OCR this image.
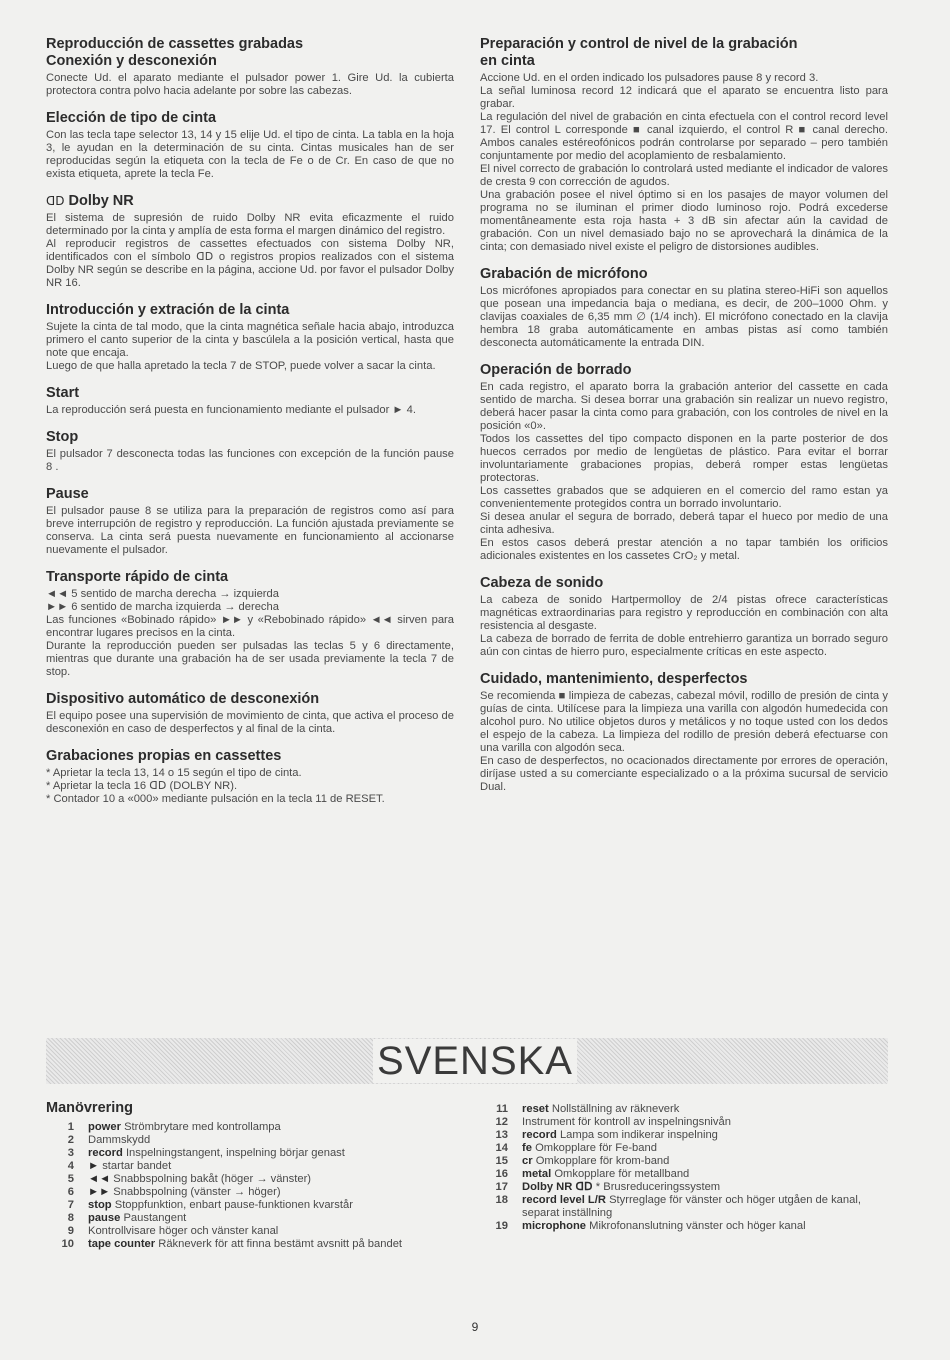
Reproducción de cassettes grabadas
Conexión y desconexión

Conecte Ud. el aparato mediante el pulsador power 1. Gire Ud. la cubierta protectora contra polvo hacia adelante por sobre las cabezas.

Elección de tipo de cinta

Con las tecla tape selector 13, 14 y 15 elije Ud. el tipo de cinta. La tabla en la hoja 3, le ayudan en la determinación de su cinta. Cintas musicales han de ser reproducidas según la etiqueta con la tecla de Fe o de Cr. En caso de que no exista etiqueta, aprete la tecla Fe.

ᗡᗞ Dolby NR

El sistema de supresión de ruido Dolby NR evita eficazmente el ruido determinado por la cinta y amplía de esta forma el margen dinámico del registro.

Al reproducir registros de cassettes efectuados con sistema Dolby NR, identificados con el símbolo ᗡᗞ o registros propios realizados con el sistema Dolby NR según se describe en la página, accione Ud. por favor el pulsador Dolby NR 16.

Introducción y extración de la cinta

Sujete la cinta de tal modo, que la cinta magnética señale hacia abajo, introduzca primero el canto superior de la cinta y bascúlela a la posición vertical, hasta que note que encaja.

Luego de que halla apretado la tecla 7 de STOP, puede volver a sacar la cinta.

Start

La reproducción será puesta en funcionamiento mediante el pulsador ► 4.

Stop

El pulsador 7 desconecta todas las funciones con excepción de la función pause 8 .

Pause

El pulsador pause 8 se utiliza para la preparación de registros como así para breve interrupción de registro y reproducción. La función ajustada previamente se conserva. La cinta será puesta nuevamente en funcionamiento al accionarse nuevamente el pulsador.

Transporte rápido de cinta

◄◄ 5 sentido de marcha derecha → izquierda

►► 6 sentido de marcha izquierda → derecha

Las funciones «Bobinado rápido» ►► y «Rebobinado rápido» ◄◄ sirven para encontrar lugares precisos en la cinta.

Durante la reproducción pueden ser pulsadas las teclas 5 y 6 directamente, mientras que durante una grabación ha de ser usada previamente la tecla 7 de stop.

Dispositivo automático de desconexión

El equipo posee una supervisión de movimiento de cinta, que activa el proceso de desconexión en caso de desperfectos y al final de la cinta.

Grabaciones propias en cassettes

* Aprietar la tecla 13, 14 o 15 según el tipo de cinta.

* Aprietar la tecla 16 ᗡᗞ (DOLBY NR).

* Contador 10 a «000» mediante pulsación en la tecla 11 de RESET.

Preparación y control de nivel de la grabación
en cinta

Accione Ud. en el orden indicado los pulsadores pause 8 y record 3.

La señal luminosa record 12 indicará que el aparato se encuentra listo para grabar.

La regulación del nivel de grabación en cinta efectuela con el control record level 17. El control L corresponde ■ canal izquierdo, el control R ■ canal derecho. Ambos canales estéreofónicos podrán controlarse por separado – pero también conjuntamente por medio del acoplamiento de resbalamiento.

El nivel correcto de grabación lo controlará usted mediante el indicador de valores de cresta 9 con corrección de agudos.

Una grabación posee el nivel óptimo si en los pasajes de mayor volumen del programa no se iluminan el primer diodo luminoso rojo. Podrá excederse momentâneamente esta roja hasta + 3 dB sin afectar aún la cavidad de grabación. Con un nivel demasiado bajo no se aprovechará la dinámica de la cinta; con demasiado nivel existe el peligro de distorsiones audibles.

Grabación de micrófono

Los micrófones apropiados para conectar en su platina stereo-HiFi son aquellos que posean una impedancia baja o mediana, es decir, de 200–1000 Ohm. y clavijas coaxiales de 6,35 mm ∅ (1/4 inch). El micrófono conectado en la clavija hembra 18 graba automáticamente en ambas pistas así como también desconecta automáticamente la entrada DIN.

Operación de borrado

En cada registro, el aparato borra la grabación anterior del cassette en cada sentido de marcha. Si desea borrar una grabación sin realizar un nuevo registro, deberá hacer pasar la cinta como para grabación, con los controles de nivel en la posición «0».

Todos los cassettes del tipo compacto disponen en la parte posterior de dos huecos cerrados por medio de lengüetas de plástico. Para evitar el borrar involuntariamente grabaciones propias, deberá romper estas lengüetas protectoras.

Los cassettes grabados que se adquieren en el comercio del ramo estan ya convenientemente protegidos contra un borrado involuntario.

Si desea anular el segura de borrado, deberá tapar el hueco por medio de una cinta adhesiva.

En estos casos deberá prestar atención a no tapar también los orificios adicionales existentes en los cassetes CrO₂ y metal.

Cabeza de sonido

La cabeza de sonido Hartpermolloy de 2/4 pistas ofrece características magnéticas extraordinarias para registro y reproducción en combinación con alta resistencia al desgaste.

La cabeza de borrado de ferrita de doble entrehierro garantiza un borrado seguro aún con cintas de hierro puro, especialmente críticas en este aspecto.

Cuidado, mantenimiento, desperfectos

Se recomienda ■ limpieza de cabezas, cabezal móvil, rodillo de presión de cinta y guías de cinta. Utilícese para la limpieza una varilla con algodón humedecida con alcohol puro. No utilice objetos duros y metálicos y no toque usted con los dedos el espejo de la cabeza. La limpieza del rodillo de presión deberá efectuarse con una varilla con algodón seca.

En caso de desperfectos, no ocacionados directamente por errores de operación, diríjase usted a su comerciante especializado o a la próxima sucursal de servicio Dual.

SVENSKA
Manövrering
1	power Strömbrytare med kontrollampa
2	Dammskydd
3	record Inspelningstangent, inspelning börjar genast
4	► startar bandet
5	◄◄ Snabbspolning bakåt (höger → vänster)
6	►► Snabbspolning (vänster → höger)
7	stop Stoppfunktion, enbart pause-funktionen kvarstår
8	pause Paustangent
9	Kontrollvisare höger och vänster kanal
10	tape counter Räkneverk för att finna bestämt avsnitt på bandet
11	reset Nollställning av räkneverk
12	Instrument för kontroll av inspelningsnivån
13	record Lampa som indikerar inspelning
14	fe Omkopplare för Fe-band
15	cr Omkopplare för krom-band
16	metal Omkopplare för metallband
17	Dolby NR ᗡᗞ * Brusreduceringssystem
18	record level L/R Styrreglage för vänster och höger utgåen de kanal, separat inställning
19	microphone Mikrofonanslutning vänster och höger kanal
9
